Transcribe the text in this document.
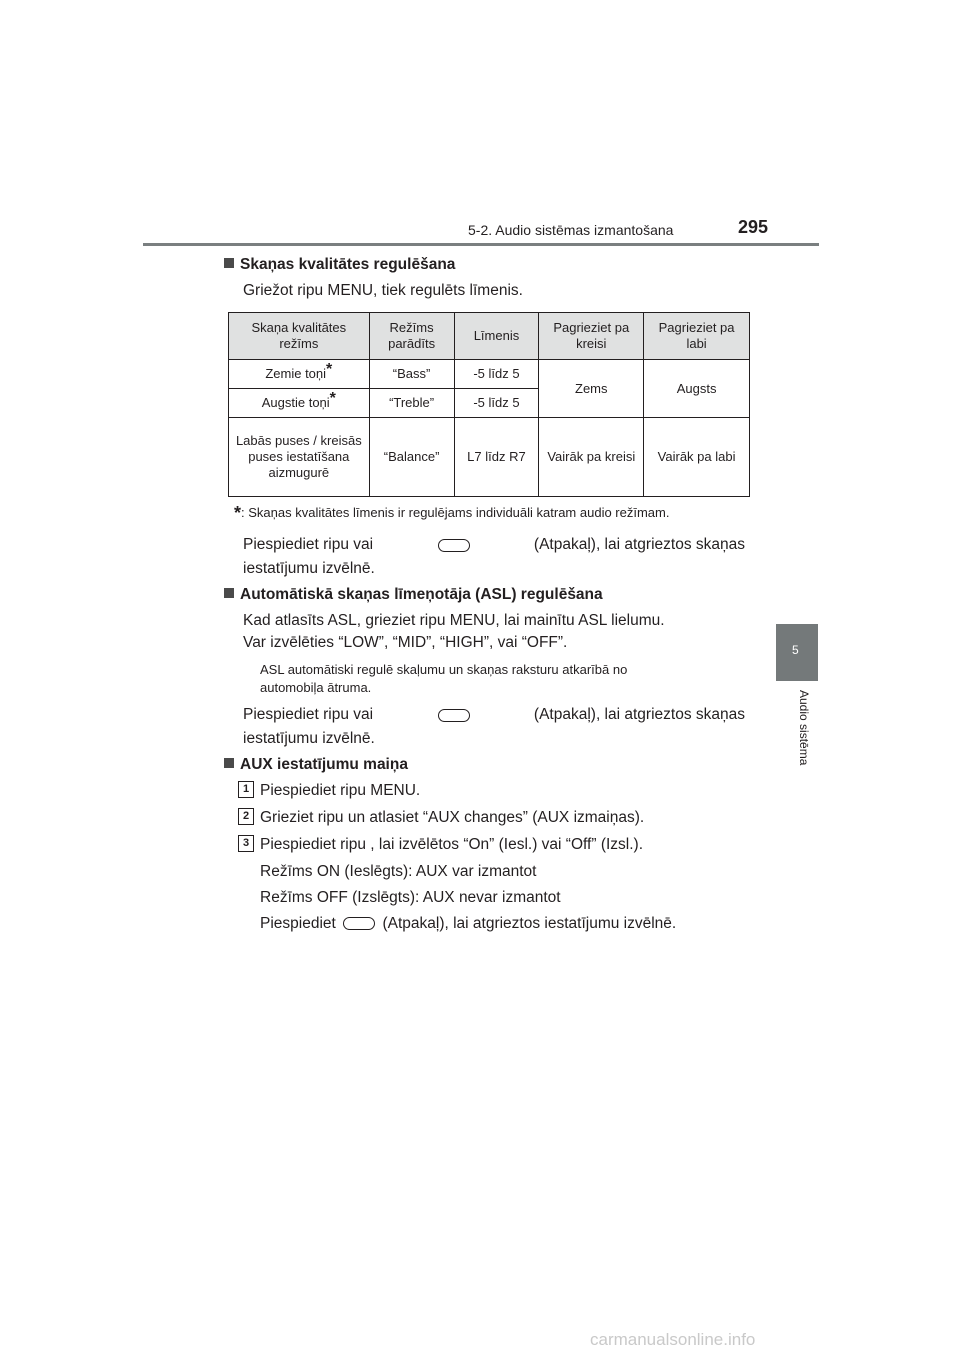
5-2. Audio sistēmas izmantošana	295
5
Audio sistēma
Skaņas kvalitātes regulēšana
Griežot ripu MENU, tiek regulēts līmenis.
Skaņa kvalitātes režīms	Režīms parādīts	Līmenis	Pagrieziet pa kreisi	Pagrieziet pa labi
Zemie toņi*	“Bass”	-5 līdz 5	Zems	Augsts
Augstie toņi*	“Treble”	-5 līdz 5		
Labās puses / kreisās puses iestatīšana aizmugurē	“Balance”	L7 līdz R7	Vairāk pa kreisi	Vairāk pa labi
*: Skaņas kvalitātes līmenis ir regulējams individuāli katram audio režīmam.
Piespiediet ripu vai	(Atpakaļ), lai atgrieztos skaņas
iestatījumu izvēlnē.
Automātiskā skaņas līmeņotāja (ASL) regulēšana
Kad atlasīts ASL, grieziet ripu MENU, lai mainītu ASL lielumu.
Var izvēlēties “LOW”, “MID”, “HIGH”, vai “OFF”.
ASL automātiski regulē skaļumu un skaņas raksturu atkarībā no
automobiļa ātruma.
Piespiediet ripu vai	(Atpakaļ), lai atgrieztos skaņas
iestatījumu izvēlnē.
AUX iestatījumu maiņa
1 Piespiediet ripu MENU.
2 Grieziet ripu un atlasiet “AUX changes” (AUX izmaiņas).
3 Piespiediet ripu , lai izvēlētos “On” (Iesl.) vai “Off” (Izsl.).
Režīms ON (Ieslēgts): AUX var izmantot
Režīms OFF (Izslēgts): AUX nevar izmantot
Piespiediet	(Atpakaļ), lai atgrieztos iestatījumu izvēlnē.
carmanualsonline.info
